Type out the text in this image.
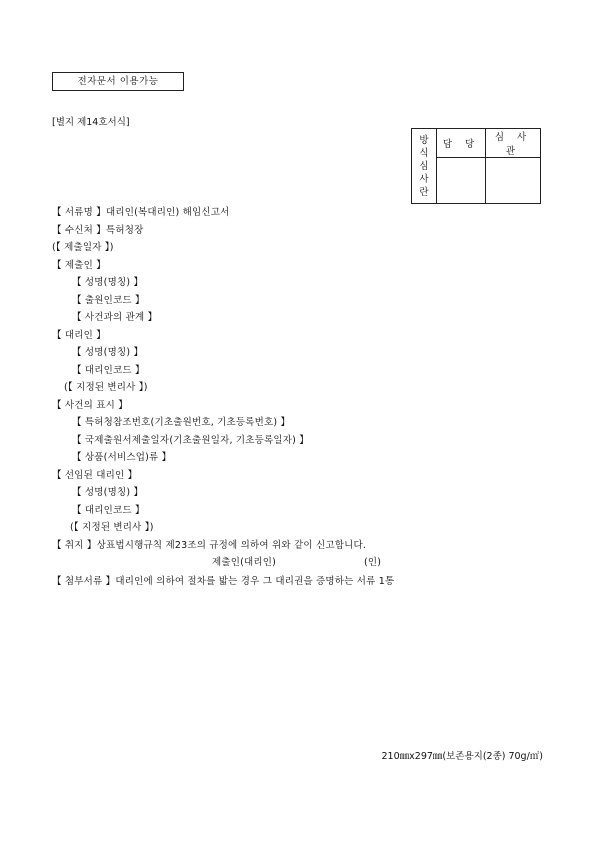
전자문서 이용가능
[별지 제14호서식]
방
식
심
사
란	담 당	심 사 관

【 서류명 】대리인(복대리인) 해임신고서
【 수신처 】특허청장
(【 제출일자 】)
【 제출인 】
【 성명(명칭) 】
【 출원인코드 】
【 사건과의 관계 】
【 대리인 】
【 성명(명칭) 】
【 대리인코드 】
(【 지정된 변리사 】)
【 사건의 표시 】
【 특허청참조번호(기초출원번호, 기초등록번호) 】
【 국제출원서제출일자(기초출원일자, 기초등록일자) 】
【 상품(서비스업)류 】
【 선임된 대리인 】
【 성명(명칭) 】
【 대리인코드 】
(【 지정된 변리사 】)
【 취지 】상표법시행규칙 제23조의 규정에 의하여 위와 같이 신고합니다.
제출인(대리인)	(인)
【 첨부서류 】대리인에 의하여 절차를 밟는 경우 그 대리권을 증명하는 서류 1통
210㎜x297㎜(보존용지(2종) 70g/㎡)
